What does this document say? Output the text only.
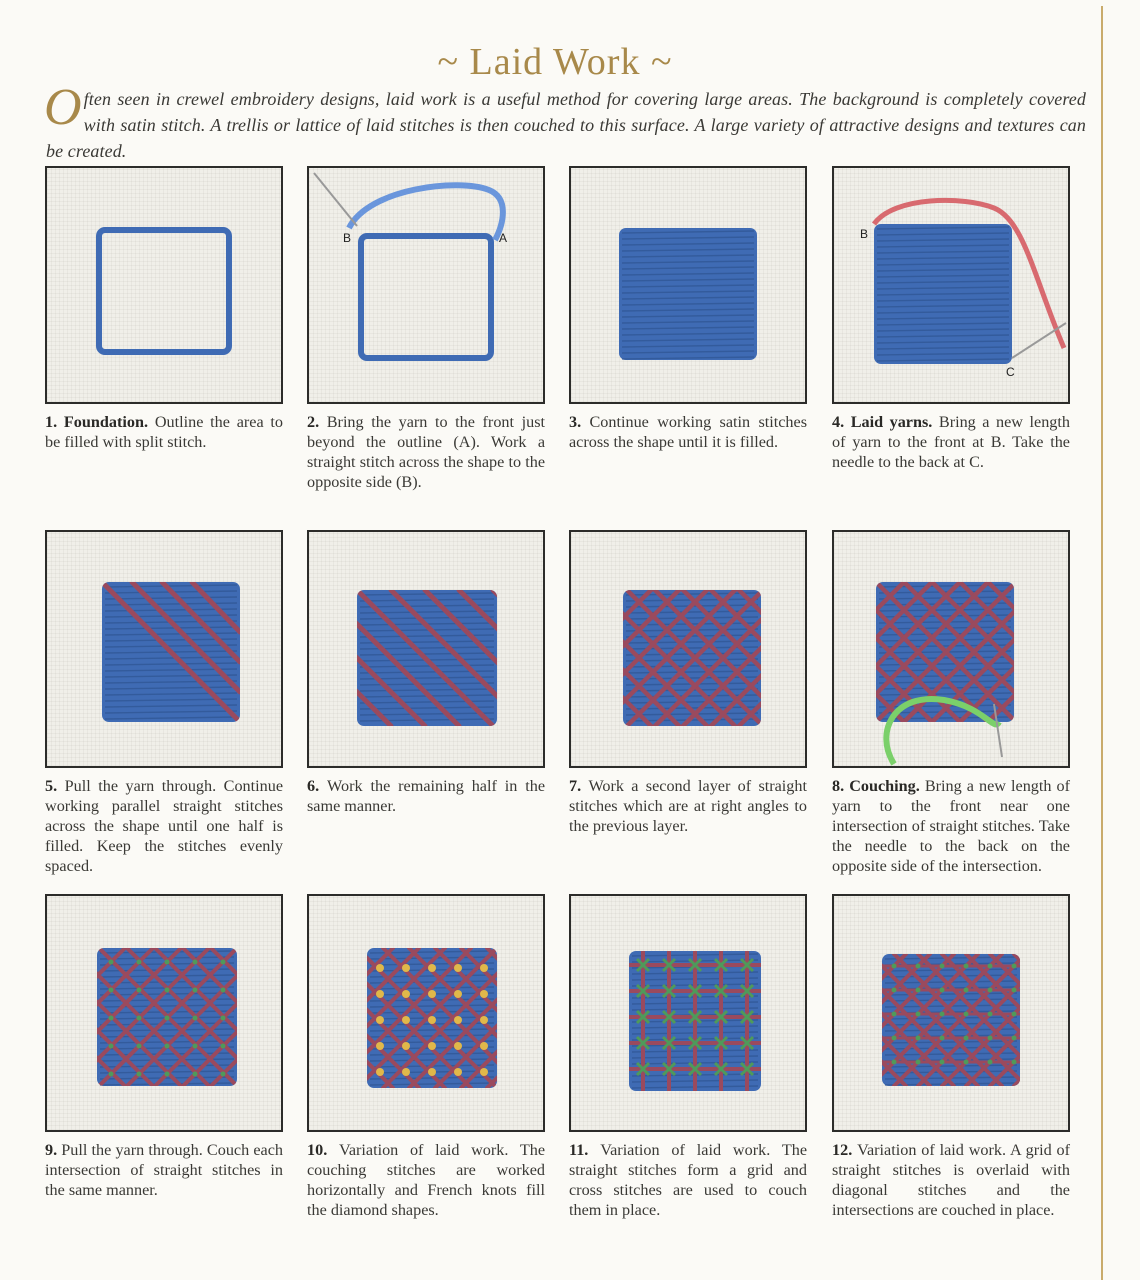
~ Laid Work ~

Often seen in crewel embroidery designs, laid work is a useful method for covering large areas. The background is completely covered with satin stitch. A trellis or lattice of laid stitches is then couched to this surface. A large variety of attractive designs and textures can be created.

1. Foundation. Outline the area to be filled with split stitch.

B	A

2. Bring the yarn to the front just beyond the outline (A). Work a straight stitch across the shape to the opposite side (B).

3. Continue working satin stitches across the shape until it is filled.

B
C

4. Laid yarns. Bring a new length of yarn to the front at B. Take the needle to the back at C.

5. Pull the yarn through. Continue working parallel straight stitches across the shape until one half is filled. Keep the stitches evenly spaced.

6. Work the remaining half in the same manner.

7. Work a second layer of straight stitches which are at right angles to the previous layer.

8. Couching. Bring a new length of yarn to the front near one intersection of straight stitches. Take the needle to the back on the opposite side of the intersection.

9. Pull the yarn through. Couch each intersection of straight stitches in the same manner.

10. Variation of laid work. The couching stitches are worked horizontally and French knots fill the diamond shapes.

11. Variation of laid work. The straight stitches form a grid and cross stitches are used to couch them in place.

12. Variation of laid work. A grid of straight stitches is overlaid with diagonal stitches and the intersections are couched in place.
